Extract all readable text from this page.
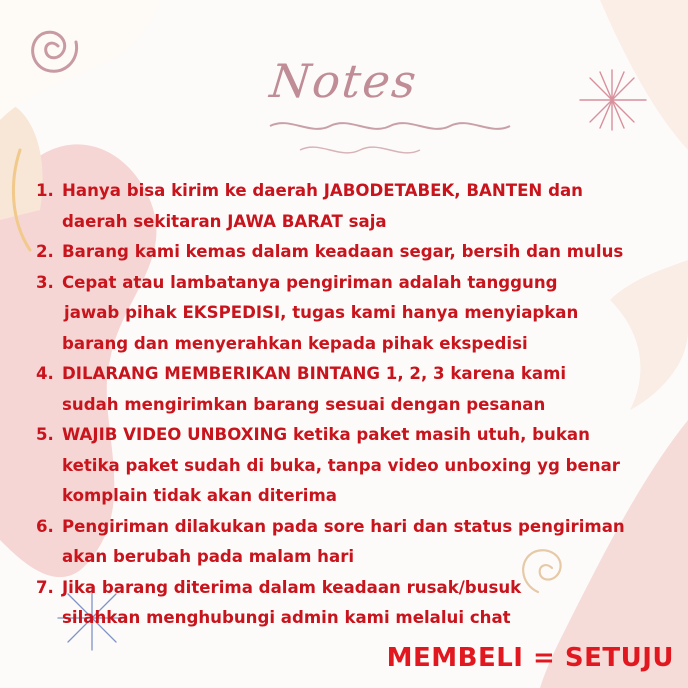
Notes
1. Hanya bisa kirim ke daerah JABODETABEK, BANTEN dan
daerah sekitaran JAWA BARAT saja
2. Barang kami kemas dalam keadaan segar, bersih dan mulus
3. Cepat atau lambatanya pengiriman adalah tanggung
jawab pihak EKSPEDISI, tugas kami hanya menyiapkan
barang dan menyerahkan kepada pihak ekspedisi
4. DILARANG MEMBERIKAN BINTANG 1, 2, 3 karena kami
sudah mengirimkan barang sesuai dengan pesanan
5. WAJIB VIDEO UNBOXING ketika paket masih utuh, bukan
ketika paket sudah di buka, tanpa video unboxing yg benar
komplain tidak akan diterima
6. Pengiriman dilakukan pada sore hari dan status pengiriman
akan berubah pada malam hari
7. Jika barang diterima dalam keadaan rusak/busuk
silahkan menghubungi admin kami melalui chat
MEMBELI = SETUJU
